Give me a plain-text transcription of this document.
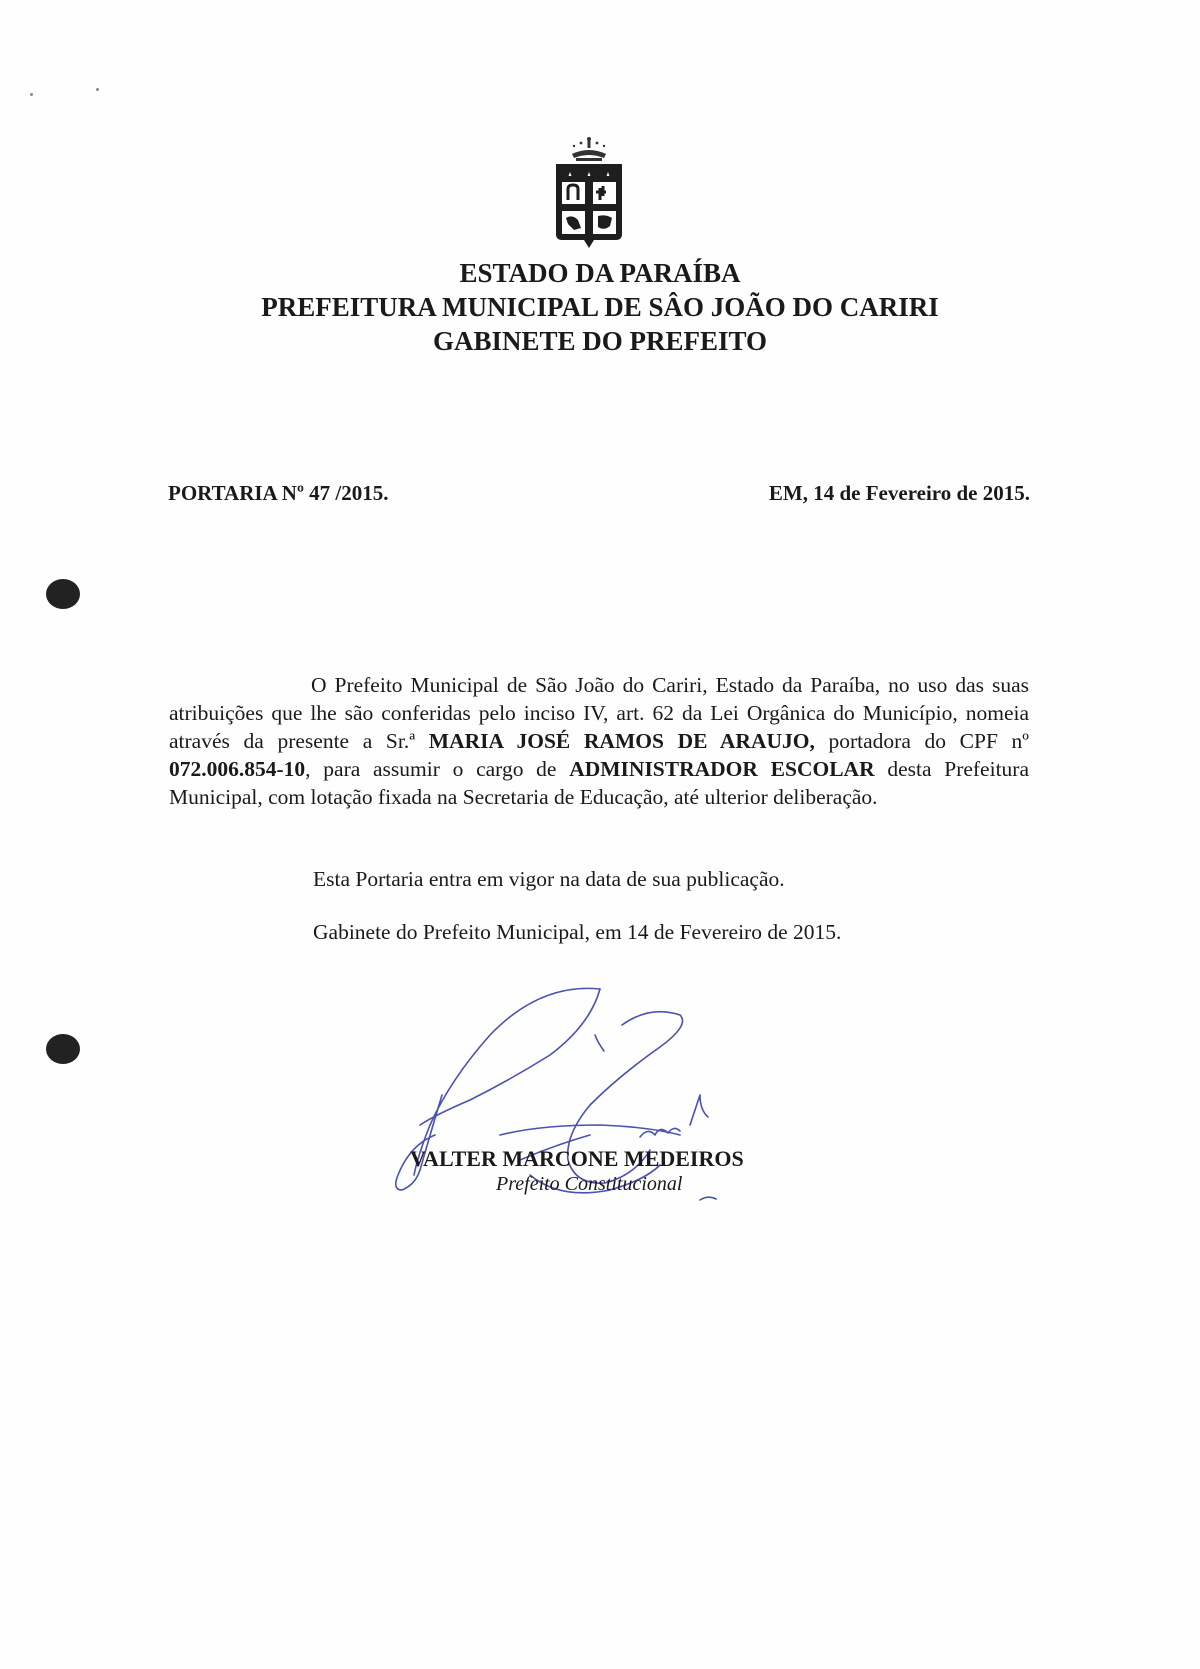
ESTADO DA PARAÍBA
PREFEITURA MUNICIPAL DE SÂO JOÃO DO CARIRI
GABINETE DO PREFEITO
PORTARIA Nº 47 /2015.	EM, 14 de Fevereiro de 2015.

O Prefeito Municipal de São João do Cariri, Estado da Paraíba, no uso das suas atribuições que lhe são conferidas pelo inciso IV, art. 62 da Lei Orgânica do Município, nomeia através da presente a Sr.ª MARIA JOSÉ RAMOS DE ARAUJO, portadora do CPF nº 072.006.854-10, para assumir o cargo de ADMINISTRADOR ESCOLAR desta Prefeitura Municipal, com lotação fixada na Secretaria de Educação, até ulterior deliberação.

Esta Portaria entra em vigor na data de sua publicação.
Gabinete do Prefeito Municipal, em 14 de Fevereiro de 2015.
VALTER MARCONE MEDEIROS
Prefeito Constitucional
